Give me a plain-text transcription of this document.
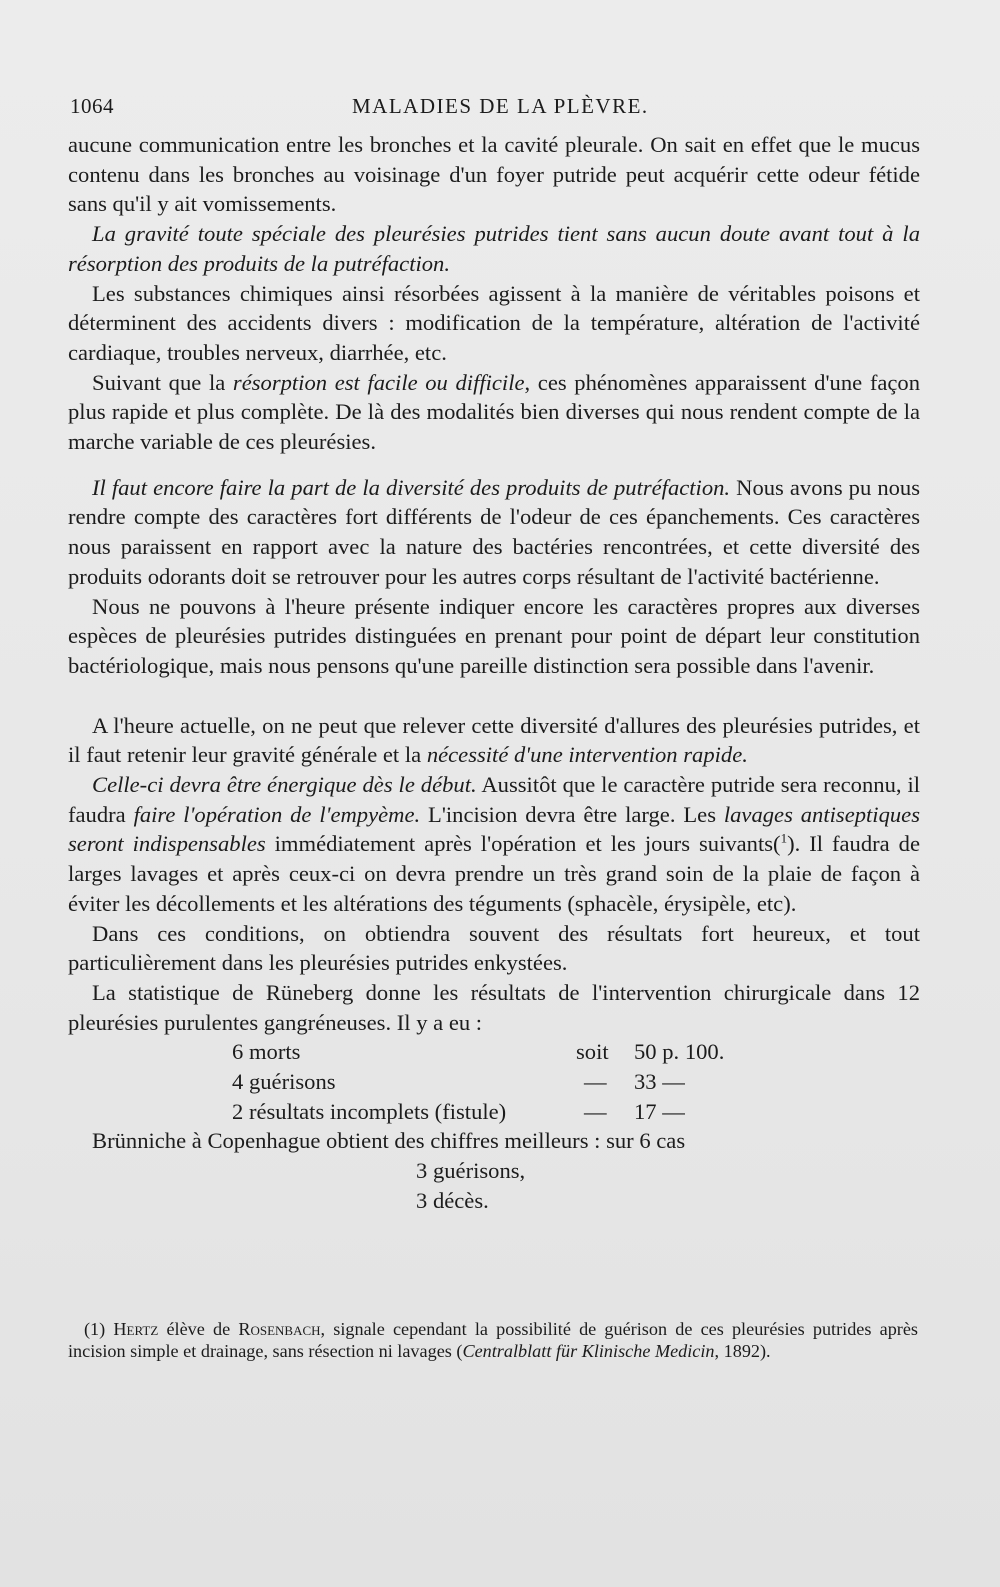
1064	MALADIES DE LA PLÈVRE.

aucune communication entre les bronches et la cavité pleurale. On sait en effet que le mucus contenu dans les bronches au voisinage d'un foyer putride peut acquérir cette odeur fétide sans qu'il y ait vomissements.

La gravité toute spéciale des pleurésies putrides tient sans aucun doute avant tout à la résorption des produits de la putréfaction.

Les substances chimiques ainsi résorbées agissent à la manière de véritables poisons et déterminent des accidents divers : modification de la température, altération de l'activité cardiaque, troubles nerveux, diarrhée, etc.

Suivant que la résorption est facile ou difficile, ces phénomènes apparaissent d'une façon plus rapide et plus complète. De là des modalités bien diverses qui nous rendent compte de la marche variable de ces pleurésies.

Il faut encore faire la part de la diversité des produits de putréfaction. Nous avons pu nous rendre compte des caractères fort différents de l'odeur de ces épanchements. Ces caractères nous paraissent en rapport avec la nature des bactéries rencontrées, et cette diversité des produits odorants doit se retrouver pour les autres corps résultant de l'activité bactérienne.

Nous ne pouvons à l'heure présente indiquer encore les caractères propres aux diverses espèces de pleurésies putrides distinguées en prenant pour point de départ leur constitution bactériologique, mais nous pensons qu'une pareille distinction sera possible dans l'avenir.

A l'heure actuelle, on ne peut que relever cette diversité d'allures des pleurésies putrides, et il faut retenir leur gravité générale et la nécessité d'une intervention rapide.

Celle-ci devra être énergique dès le début. Aussitôt que le caractère putride sera reconnu, il faudra faire l'opération de l'empyème. L'incision devra être large. Les lavages antiseptiques seront indispensables immédiatement après l'opération et les jours suivants($^1$). Il faudra de larges lavages et après ceux-ci on devra prendre un très grand soin de la plaie de façon à éviter les décollements et les altérations des téguments (sphacèle, érysipèle, etc).

Dans ces conditions, on obtiendra souvent des résultats fort heureux, et tout particulièrement dans les pleurésies putrides enkystées.

La statistique de Rüneberg donne les résultats de l'intervention chirurgicale dans 12 pleurésies purulentes gangréneuses. Il y a eu :

6 morts	soit 50 p. 100.
4 guérisons	— 33 —
2 résultats incomplets (fistule)	— 17 —

Brünniche à Copenhague obtient des chiffres meilleurs : sur 6 cas

3 guérisons,
3 décès.

(1) Hertz élève de Rosenbach, signale cependant la possibilité de guérison de ces pleurésies putrides après incision simple et drainage, sans résection ni lavages (Centralblatt für Klinische Medicin, 1892).
